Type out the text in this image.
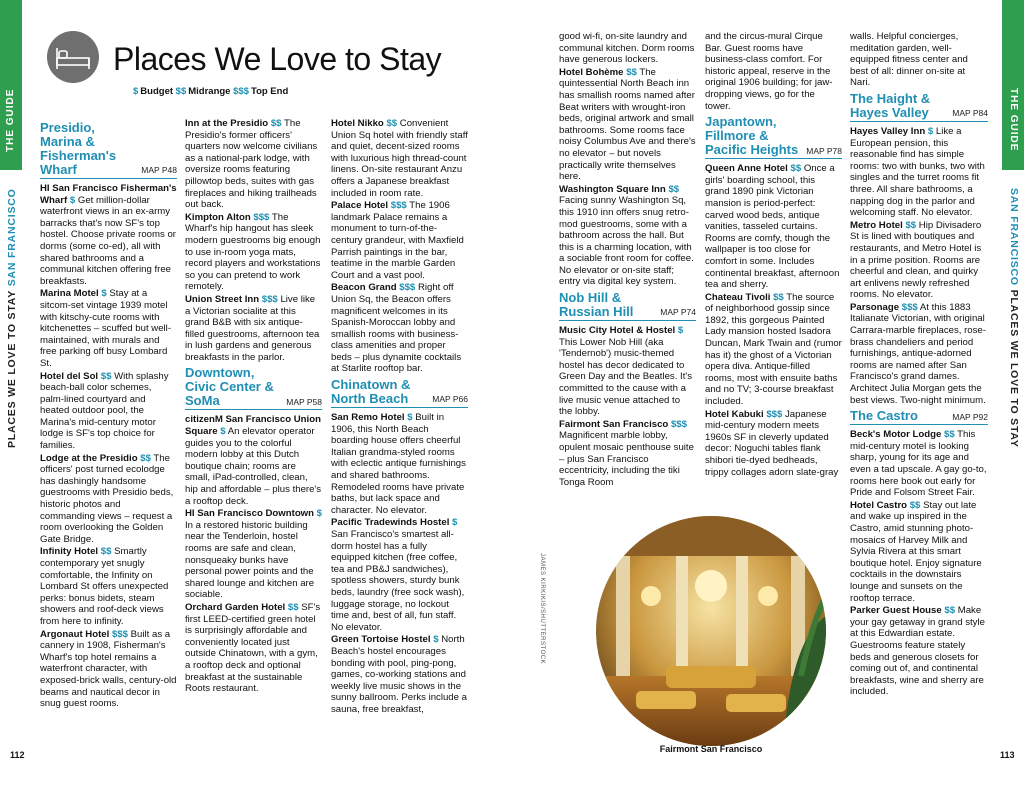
THE GUIDE
PLACES WE LOVE TO STAY SAN FRANCISCO
Places We Love to Stay
$ Budget $$ Midrange $$$ Top End
Presidio, Marina & Fisherman's Wharf	MAP P48

HI San Francisco Fisherman's Wharf $ Get million-dollar waterfront views in an ex-army barracks that's now SF's top hostel. Choose private rooms or dorms (some co-ed), all with shared bathrooms and a communal kitchen offering free breakfasts.

Marina Motel $ Stay at a sitcom-set vintage 1939 motel with kitschy-cute rooms with kitchenettes – scuffed but well-maintained, with murals and free parking off busy Lombard St.

Hotel del Sol $$ With splashy beach-ball color schemes, palm-lined courtyard and heated outdoor pool, the Marina's mid-century motor lodge is SF's top choice for families.

Lodge at the Presidio $$ The officers' post turned ecolodge has dashingly handsome guestrooms with Presidio beds, historic photos and commanding views – request a room overlooking the Golden Gate Bridge.

Infinity Hotel $$ Smartly contemporary yet snugly comfortable, the Infinity on Lombard St offers unexpected perks: bonus bidets, steam showers and roof-deck views from here to infinity.

Argonaut Hotel $$$ Built as a cannery in 1908, Fisherman's Wharf's top hotel remains a waterfront character, with exposed-brick walls, century-old beams and nautical decor in snug guest rooms.

Inn at the Presidio $$ The Presidio's former officers' quarters now welcome civilians as a national-park lodge, with oversize rooms featuring pillowtop beds, suites with gas fireplaces and hiking trailheads out back.

Kimpton Alton $$$ The Wharf's hip hangout has sleek modern guestrooms big enough to use in-room yoga mats, record players and workstations so you can pretend to work remotely.

Union Street Inn $$$ Live like a Victorian socialite at this grand B&B with six antique-filled guestrooms, afternoon tea in lush gardens and generous breakfasts in the parlor.

Downtown, Civic Center & SoMa	MAP P58

citizenM San Francisco Union Square $ An elevator operator guides you to the colorful modern lobby at this Dutch boutique chain; rooms are small, iPad-controlled, clean, hip and affordable – plus there's a rooftop deck.

HI San Francisco Downtown $ In a restored historic building near the Tenderloin, hostel rooms are safe and clean, nonsqueaky bunks have personal power points and the shared lounge and kitchen are sociable.

Orchard Garden Hotel $$ SF's first LEED-certified green hotel is surprisingly affordable and conveniently located just outside Chinatown, with a gym, a rooftop deck and optional breakfast at the sustainable Roots restaurant.

Hotel Nikko $$ Convenient Union Sq hotel with friendly staff and quiet, decent-sized rooms with luxurious high thread-count linens. On-site restaurant Anzu offers a Japanese breakfast included in room rate.

Palace Hotel $$$ The 1906 landmark Palace remains a monument to turn-of-the-century grandeur, with Maxfield Parrish paintings in the bar, teatime in the marble Garden Court and a vast pool.

Beacon Grand $$$ Right off Union Sq, the Beacon offers magnificent welcomes in its Spanish-Moroccan lobby and smallish rooms with business-class amenities and proper beds – plus dynamite cocktails at Starlite rooftop bar.

Chinatown & North Beach	MAP P66

San Remo Hotel $ Built in 1906, this North Beach boarding house offers cheerful Italian grandma-styled rooms with eclectic antique furnishings and shared bathrooms. Remodeled rooms have private baths, but lack space and character. No elevator.

Pacific Tradewinds Hostel $ San Francisco's smartest all-dorm hostel has a fully equipped kitchen (free coffee, tea and PB&J sandwiches), spotless showers, sturdy bunk beds, laundry (free sock wash), luggage storage, no lockout time and, best of all, fun staff. No elevator.

Green Tortoise Hostel $ North Beach's hostel encourages bonding with pool, ping-pong, games, co-working stations and weekly live music shows in the sunny ballroom. Perks include a sauna, free breakfast,

112
THE GUIDE
SAN FRANCISCO PLACES WE LOVE TO STAY

good wi-fi, on-site laundry and communal kitchen. Dorm rooms have generous lockers.

Hotel Bohème $$ The quintessential North Beach inn has smallish rooms named after Beat writers with wrought-iron beds, original artwork and small bathrooms. Some rooms face noisy Columbus Ave and there's no elevator – but novels practically write themselves here.

Washington Square Inn $$ Facing sunny Washington Sq, this 1910 inn offers snug retro-mod guestrooms, some with a bathroom across the hall. But this is a charming location, with a sociable front room for coffee. No elevator or on-site staff; entry via digital key system.

Nob Hill & Russian Hill	MAP P74

Music City Hotel & Hostel $ This Lower Nob Hill (aka 'Tendernob') music-themed hostel has decor dedicated to Green Day and the Beatles. It's committed to the cause with a live music venue attached to the lobby.

Fairmont San Francisco $$$ Magnificent marble lobby, opulent mosaic penthouse suite – plus San Francisco eccentricity, including the tiki Tonga Room

and the circus-mural Cirque Bar. Guest rooms have business-class comfort. For historic appeal, reserve in the original 1906 building; for jaw-dropping views, go for the tower.

Japantown, Fillmore & Pacific Heights MAP P78

Queen Anne Hotel $$ Once a girls' boarding school, this grand 1890 pink Victorian mansion is period-perfect: carved wood beds, antique vanities, tasseled curtains. Rooms are comfy, though the wallpaper is too close for comfort in some. Includes continental breakfast, afternoon tea and sherry.

Chateau Tivoli $$ The source of neighborhood gossip since 1892, this gorgeous Painted Lady mansion hosted Isadora Duncan, Mark Twain and (rumor has it) the ghost of a Victorian opera diva. Antique-filled rooms, most with ensuite baths and no TV; 3-course breakfast included.

Hotel Kabuki $$$ Japanese mid-century modern meets 1960s SF in cleverly updated decor: Noguchi tables flank shibori tie-dyed bedheads, trippy collages adorn slate-gray

walls. Helpful concierges, meditation garden, well-equipped fitness center and best of all: dinner on-site at Nari.

The Haight & Hayes Valley	MAP P84

Hayes Valley Inn $ Like a European pension, this reasonable find has simple rooms: two with bunks, two with singles and the turret rooms fit three. All share bathrooms, a napping dog in the parlor and welcoming staff. No elevator.

Metro Hotel $$ Hip Divisadero St is lined with boutiques and restaurants, and Metro Hotel is in a prime position. Rooms are cheerful and clean, and quirky art enlivens newly refreshed rooms. No elevator.

Parsonage $$$ At this 1883 Italianate Victorian, with original Carrara-marble fireplaces, rose-brass chandeliers and period furnishings, antique-adorned rooms are named after San Francisco's grand dames. Architect Julia Morgan gets the best views. Two-night minimum.

The Castro	MAP P92

Beck's Motor Lodge $$ This mid-century motel is looking sharp, young for its age and even a tad upscale. A gay go-to, rooms here book out early for Pride and Folsom Street Fair.

Hotel Castro $$ Stay out late and wake up inspired in the Castro, amid stunning photo-mosaics of Harvey Milk and Sylvia Rivera at this smart boutique hotel. Enjoy signature cocktails in the downstairs lounge and sunsets on the rooftop terrace.

Parker Guest House $$ Make your gay getaway in grand style at this Edwardian estate. Guestrooms feature stately beds and generous closets for coming out of, and continental breakfasts, wine and sherry are included.

113
JAMES KIRKIKIS/SHUTTERSTOCK
Fairmont San Francisco
